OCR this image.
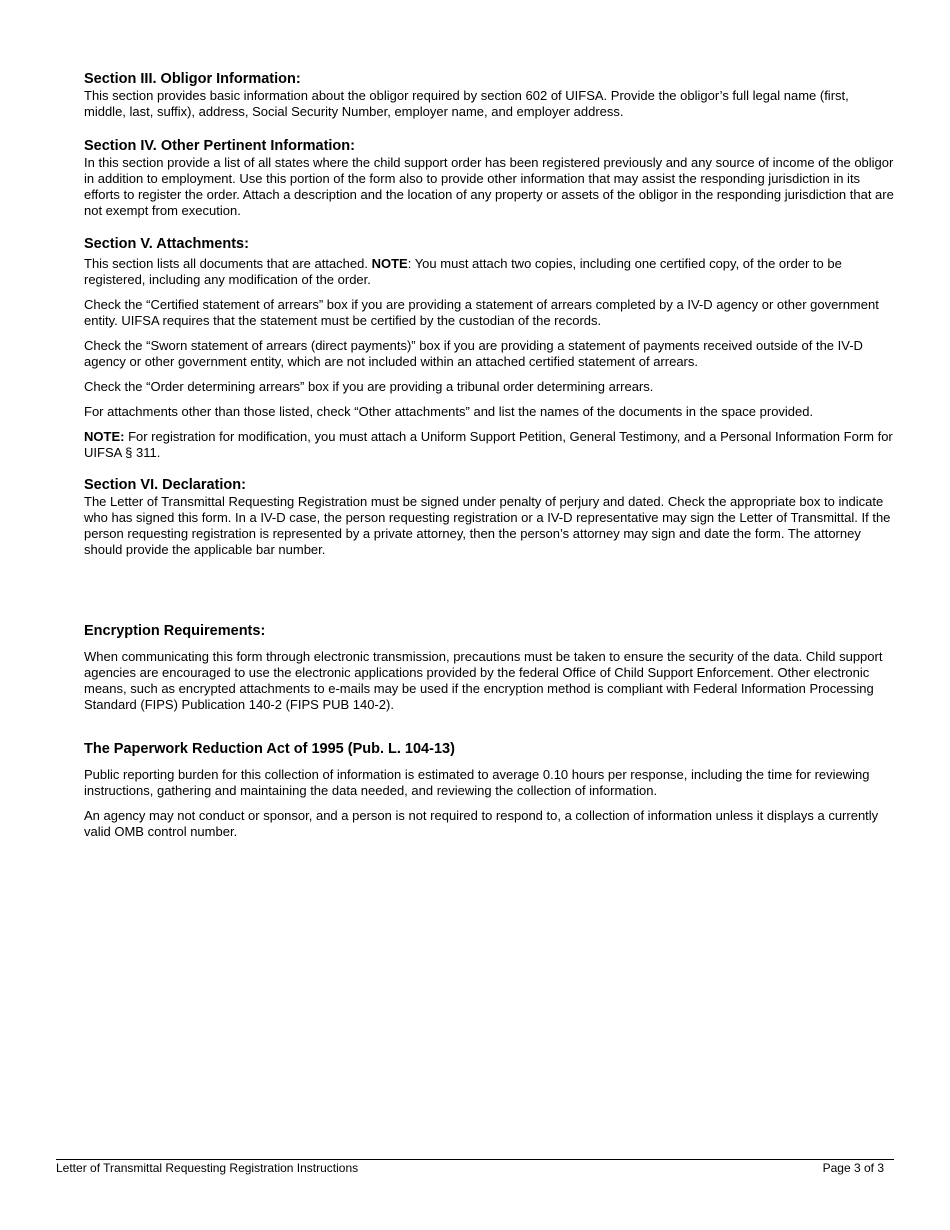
Section III. Obligor Information:

This section provides basic information about the obligor required by section 602 of UIFSA. Provide the obligor’s full legal name (first, middle, last, suffix), address, Social Security Number, employer name, and employer address.

Section IV. Other Pertinent Information:

In this section provide a list of all states where the child support order has been registered previously and any source of income of the obligor in addition to employment. Use this portion of the form also to provide other information that may assist the responding jurisdiction in its efforts to register the order. Attach a description and the location of any property or assets of the obligor in the responding jurisdiction that are not exempt from execution.

Section V. Attachments:

This section lists all documents that are attached. NOTE: You must attach two copies, including one certified copy, of the order to be registered, including any modification of the order.

Check the “Certified statement of arrears” box if you are providing a statement of arrears completed by a IV-D agency or other government entity. UIFSA requires that the statement must be certified by the custodian of the records.

Check the “Sworn statement of arrears (direct payments)” box if you are providing a statement of payments received outside of the IV-D agency or other government entity, which are not included within an attached certified statement of arrears.

Check the “Order determining arrears” box if you are providing a tribunal order determining arrears.

For attachments other than those listed, check “Other attachments” and list the names of the documents in the space provided.

NOTE: For registration for modification, you must attach a Uniform Support Petition, General Testimony, and a Personal Information Form for UIFSA § 311.

Section VI. Declaration:

The Letter of Transmittal Requesting Registration must be signed under penalty of perjury and dated. Check the appropriate box to indicate who has signed this form. In a IV-D case, the person requesting registration or a IV-D representative may sign the Letter of Transmittal. If the person requesting registration is represented by a private attorney, then the person’s attorney may sign and date the form. The attorney should provide the applicable bar number.

Encryption Requirements:

When communicating this form through electronic transmission, precautions must be taken to ensure the security of the data. Child support agencies are encouraged to use the electronic applications provided by the federal Office of Child Support Enforcement. Other electronic means, such as encrypted attachments to e-mails may be used if the encryption method is compliant with Federal Information Processing Standard (FIPS) Publication 140-2 (FIPS PUB 140-2).

The Paperwork Reduction Act of 1995 (Pub. L. 104-13)

Public reporting burden for this collection of information is estimated to average 0.10 hours per response, including the time for reviewing instructions, gathering and maintaining the data needed, and reviewing the collection of information.

An agency may not conduct or sponsor, and a person is not required to respond to, a collection of information unless it displays a currently valid OMB control number.

Letter of Transmittal Requesting Registration Instructions	Page 3 of 3
